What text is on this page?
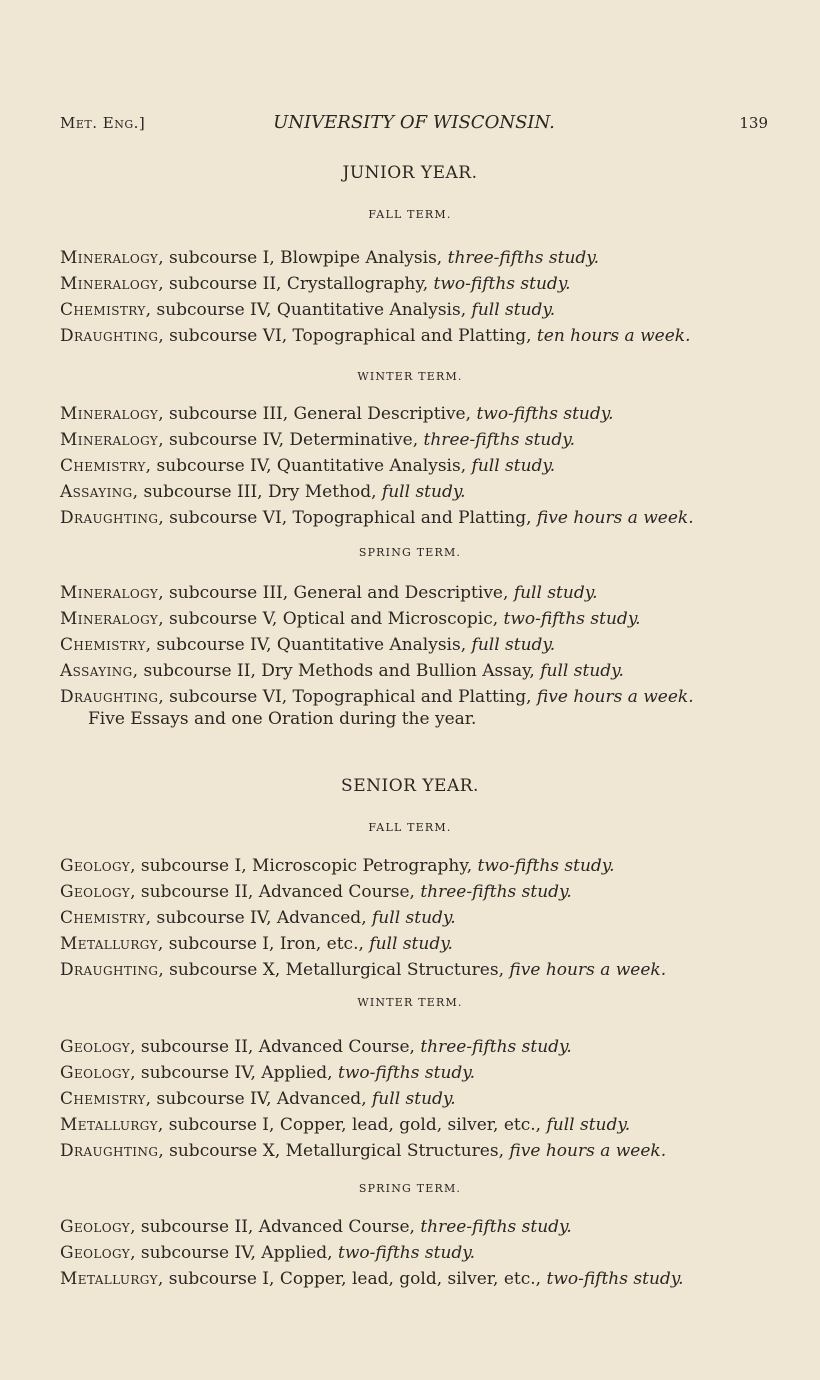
Met. Eng.]	UNIVERSITY OF WISCONSIN.	139
JUNIOR YEAR.
FALL TERM.
Mineralogy, subcourse I, Blowpipe Analysis, three-fifths study.
Mineralogy, subcourse II, Crystallography, two-fifths study.
Chemistry, subcourse IV, Quantitative Analysis, full study.
Draughting, subcourse VI, Topographical and Platting, ten hours a week.
WINTER TERM.
Mineralogy, subcourse III, General Descriptive, two-fifths study.
Mineralogy, subcourse IV, Determinative, three-fifths study.
Chemistry, subcourse IV, Quantitative Analysis, full study.
Assaying, subcourse III, Dry Method, full study.
Draughting, subcourse VI, Topographical and Platting, five hours a week.
SPRING TERM.
Mineralogy, subcourse III, General and Descriptive, full study.
Mineralogy, subcourse V, Optical and Microscopic, two-fifths study.
Chemistry, subcourse IV, Quantitative Analysis, full study.
Assaying, subcourse II, Dry Methods and Bullion Assay, full study.
Draughting, subcourse VI, Topographical and Platting, five hours a week.
Five Essays and one Oration during the year.
SENIOR YEAR.
FALL TERM.
Geology, subcourse I, Microscopic Petrography, two-fifths study.
Geology, subcourse II, Advanced Course, three-fifths study.
Chemistry, subcourse IV, Advanced, full study.
Metallurgy, subcourse I, Iron, etc., full study.
Draughting, subcourse X, Metallurgical Structures, five hours a week.
WINTER TERM.
Geology, subcourse II, Advanced Course, three-fifths study.
Geology, subcourse IV, Applied, two-fifths study.
Chemistry, subcourse IV, Advanced, full study.
Metallurgy, subcourse I, Copper, lead, gold, silver, etc., full study.
Draughting, subcourse X, Metallurgical Structures, five hours a week.
SPRING TERM.
Geology, subcourse II, Advanced Course, three-fifths study.
Geology, subcourse IV, Applied, two-fifths study.
Metallurgy, subcourse I, Copper, lead, gold, silver, etc., two-fifths study.
